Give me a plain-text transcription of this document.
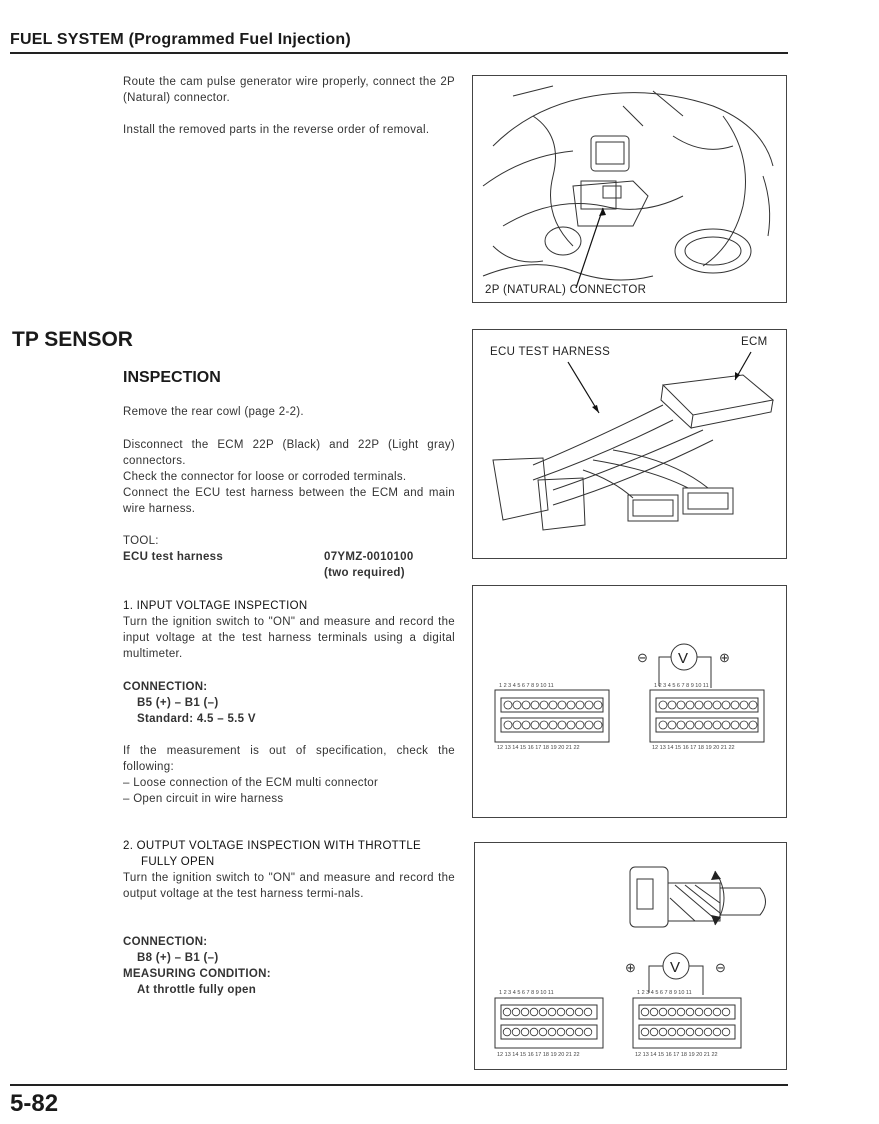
FUEL SYSTEM (Programmed Fuel Injection)
Route the cam pulse generator wire properly, connect the 2P (Natural) connector.
Install the removed parts in the reverse order of removal.
2P (NATURAL) CONNECTOR
TP SENSOR
INSPECTION
Remove the rear cowl (page 2-2).
Disconnect the ECM 22P (Black) and 22P (Light gray) connectors.
Check the connector for loose or corroded terminals.
Connect the ECU test harness between the ECM and main wire harness.
TOOL:
ECU test harness	07YMZ-0010100
(two required)
ECU TEST HARNESS
ECM
1. INPUT VOLTAGE INSPECTION
Turn the ignition switch to "ON" and measure and record the input voltage at the test harness terminals using a digital multimeter.
CONNECTION:
B5 (+) – B1 (–)
Standard: 4.5 – 5.5 V
If the measurement is out of specification, check the following:
– Loose connection of the ECM multi connector
– Open circuit in wire harness
⊖	⊕
V
1 2 3 4 5 6 7 8 9 10 11	1 2 3 4 5 6 7 8 9 10 11
12 13 14 15 16 17 18 19 20 21 22	12 13 14 15 16 17 18 19 20 21 22
2. OUTPUT VOLTAGE INSPECTION WITH THROTTLE
FULLY OPEN
Turn the ignition switch to "ON" and measure and record the output voltage at the test harness termi-nals.
CONNECTION:
B8 (+) – B1 (–)
MEASURING CONDITION:
At throttle fully open
⊕	⊖
V
1 2 3 4 5 6 7 8 9 10 11	1 2 3 4 5 6 7 8 9 10 11
12 13 14 15 16 17 18 19 20 21 22	12 13 14 15 16 17 18 19 20 21 22
5-82
